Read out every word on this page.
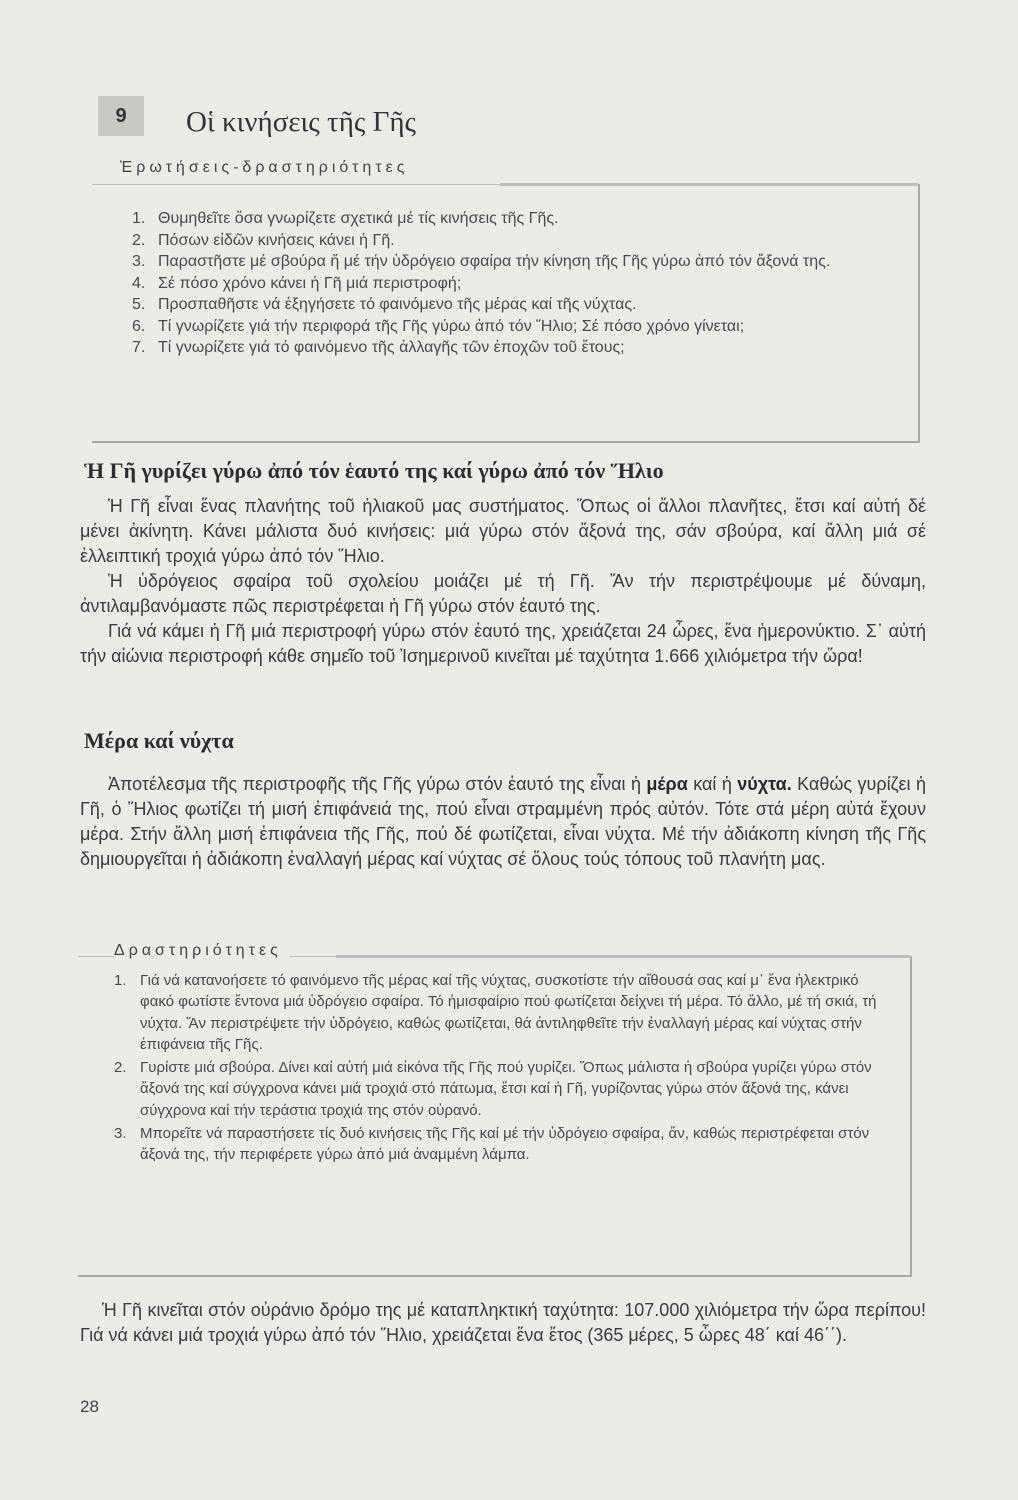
9	Οἱ κινήσεις τῆς Γῆς
Ἐρωτήσεις-δραστηριότητες
1. Θυμηθεῖτε ὅσα γνωρίζετε σχετικά μέ τίς κινήσεις τῆς Γῆς.
2. Πόσων εἰδῶν κινήσεις κάνει ἡ Γῆ.
3. Παραστῆστε μέ σβούρα ἤ μέ τήν ὑδρόγειο σφαίρα τήν κίνηση τῆς Γῆς γύρω ἀπό τόν ἄξονά της.
4. Σέ πόσο χρόνο κάνει ἡ Γῆ μιά περιστροφή;
5. Προσπαθῆστε νά ἐξηγήσετε τό φαινόμενο τῆς μέρας καί τῆς νύχτας.
6. Τί γνωρίζετε γιά τήν περιφορά τῆς Γῆς γύρω ἀπό τόν Ἥλιο; Σέ πόσο χρόνο γίνεται;
7. Τί γνωρίζετε γιά τό φαινόμενο τῆς ἀλλαγῆς τῶν ἐποχῶν τοῦ ἔτους;
Ἡ Γῆ γυρίζει γύρω ἀπό τόν ἑαυτό της καί γύρω ἀπό τόν Ἥλιο

Ἡ Γῆ εἶναι ἕνας πλανήτης τοῦ ἡλιακοῦ μας συστήματος. Ὅπως οἱ ἄλλοι πλανῆτες, ἔτσι καί αὐτή δέ μένει ἀκίνητη. Κάνει μάλιστα δυό κινήσεις: μιά γύρω στόν ἄξονά της, σάν σβούρα, καί ἄλλη μιά σέ ἐλλειπτική τροχιά γύρω ἀπό τόν Ἥλιο.

Ἡ ὑδρόγειος σφαίρα τοῦ σχολείου μοιάζει μέ τή Γῆ. Ἄν τήν περιστρέψουμε μέ δύναμη, ἀντιλαμβανόμαστε πῶς περιστρέφεται ἡ Γῆ γύρω στόν ἑαυτό της.

Γιά νά κάμει ἡ Γῆ μιά περιστροφή γύρω στόν ἑαυτό της, χρειάζεται 24 ὧρες, ἕνα ἡμερονύκτιο. Σ᾽ αὐτή τήν αἰώνια περιστροφή κάθε σημεῖο τοῦ Ἰσημερινοῦ κινεῖται μέ ταχύτητα 1.666 χιλιόμετρα τήν ὥρα!

Μέρα καί νύχτα

Ἀποτέλεσμα τῆς περιστροφῆς τῆς Γῆς γύρω στόν ἑαυτό της εἶναι ἡ μέρα καί ἡ νύχτα. Καθώς γυρίζει ἡ Γῆ, ὁ Ἥλιος φωτίζει τή μισή ἐπιφάνειά της, πού εἶναι στραμμένη πρός αὐτόν. Τότε στά μέρη αὐτά ἔχουν μέρα. Στήν ἄλλη μισή ἐπιφάνεια τῆς Γῆς, πού δέ φωτίζεται, εἶναι νύχτα. Μέ τήν ἀδιάκοπη κίνηση τῆς Γῆς δημιουργεῖται ἡ ἀδιάκοπη ἐναλλαγή μέρας καί νύχτας σέ ὅλους τούς τόπους τοῦ πλανήτη μας.

Δραστηριότητες
1. Γιά νά κατανοήσετε τό φαινόμενο τῆς μέρας καί τῆς νύχτας, συσκοτίστε τήν αἴθουσά σας καί μ᾽ ἕνα ἠλεκτρικό φακό φωτίστε ἔντονα μιά ὑδρόγειο σφαίρα. Τό ἡμισφαίριο πού φωτίζεται δείχνει τή μέρα. Τό ἄλλο, μέ τή σκιά, τή νύχτα. Ἄν περιστρέψετε τήν ὑδρόγειο, καθώς φωτίζεται, θά ἀντιληφθεῖτε τήν ἐναλλαγή μέρας καί νύχτας στήν ἐπιφάνεια τῆς Γῆς.
2. Γυρίστε μιά σβούρα. Δίνει καί αὐτή μιά εἰκόνα τῆς Γῆς πού γυρίζει. Ὅπως μάλιστα ἡ σβούρα γυρίζει γύρω στόν ἄξονά της καί σύγχρονα κάνει μιά τροχιά στό πάτωμα, ἔτσι καί ἡ Γῆ, γυρίζοντας γύρω στόν ἄξονά της, κάνει σύγχρονα καί τήν τεράστια τροχιά της στόν οὐρανό.
3. Μπορεῖτε νά παραστήσετε τίς δυό κινήσεις τῆς Γῆς καί μέ τήν ὑδρόγειο σφαίρα, ἄν, καθώς περιστρέφεται στόν ἄξονά της, τήν περιφέρετε γύρω ἀπό μιά ἀναμμένη λάμπα.

Ἡ Γῆ κινεῖται στόν οὐράνιο δρόμο της μέ καταπληκτική ταχύτητα: 107.000 χιλιόμετρα τήν ὥρα περίπου! Γιά νά κάνει μιά τροχιά γύρω ἀπό τόν Ἥλιο, χρειάζεται ἕνα ἔτος (365 μέρες, 5 ὧρες 48΄ καί 46΄΄).

28
